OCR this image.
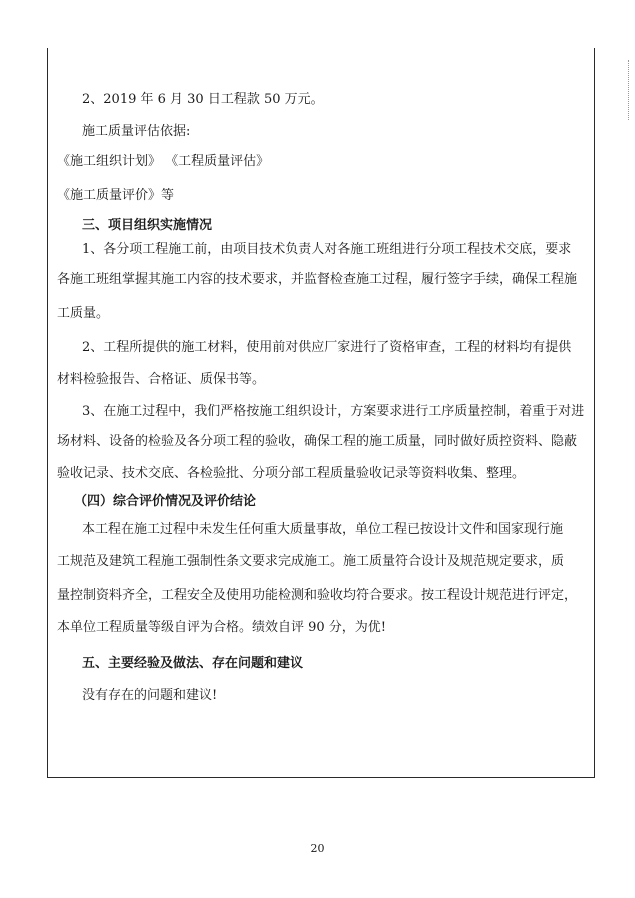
2、2019 年 6 月 30 日工程款 50 万元。
施工质量评估依据:
《施工组织计划》 《工程质量评估》
《施工质量评价》等
三、项目组织实施情况
1、各分项工程施工前，由项目技术负责人对各施工班组进行分项工程技术交底，要求
各施工班组掌握其施工内容的技术要求，并监督检查施工过程，履行签字手续，确保工程施
工质量。
2、工程所提供的施工材料，使用前对供应厂家进行了资格审查，工程的材料均有提供
材料检验报告、合格证、质保书等。
3、在施工过程中，我们严格按施工组织设计，方案要求进行工序质量控制，着重于对进
场材料、设备的检验及各分项工程的验收，确保工程的施工质量，同时做好质控资料、隐蔽
验收记录、技术交底、各检验批、分项分部工程质量验收记录等资料收集、整理。
（四）综合评价情况及评价结论
本工程在施工过程中未发生任何重大质量事故，单位工程已按设计文件和国家现行施
工规范及建筑工程施工强制性条文要求完成施工。施工质量符合设计及规范规定要求，质
量控制资料齐全，工程安全及使用功能检测和验收均符合要求。按工程设计规范进行评定，
本单位工程质量等级自评为合格。绩效自评 90 分，为优!
五、主要经验及做法、存在问题和建议
没有存在的问题和建议!
20
